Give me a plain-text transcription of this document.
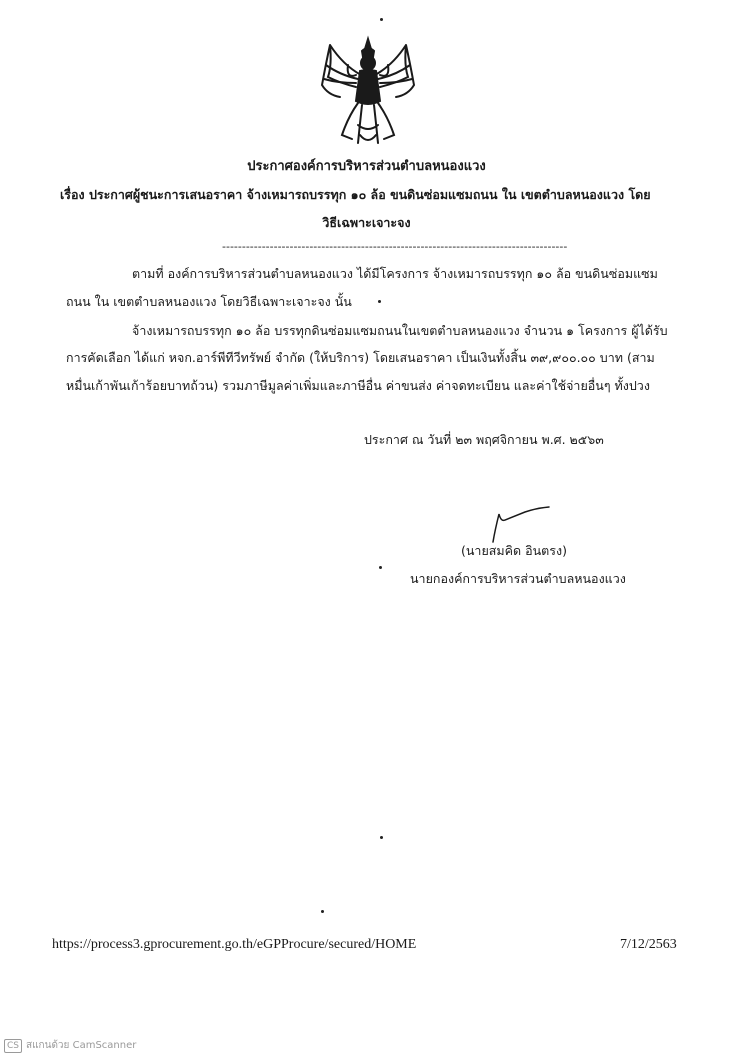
ประกาศองค์การบริหารส่วนตำบลหนองแวง
เรื่อง ประกาศผู้ชนะการเสนอราคา จ้างเหมารถบรรทุก ๑๐ ล้อ ขนดินซ่อมแซมถนน ใน เขตตำบลหนองแวง โดย
วิธีเฉพาะเจาะจง
---------------------------------------------------------------------------------------
ตามที่ องค์การบริหารส่วนตำบลหนองแวง ได้มีโครงการ จ้างเหมารถบรรทุก ๑๐ ล้อ ขนดินซ่อมแซม
ถนน ใน เขตตำบลหนองแวง โดยวิธีเฉพาะเจาะจง นั้น
จ้างเหมารถบรรทุก ๑๐ ล้อ บรรทุกดินซ่อมแซมถนนในเขตตำบลหนองแวง จำนวน ๑ โครงการ ผู้ได้รับ
การคัดเลือก ได้แก่ หจก.อาร์พีทีวีทรัพย์ จำกัด (ให้บริการ) โดยเสนอราคา เป็นเงินทั้งสิ้น ๓๙,๙๐๐.๐๐ บาท (สาม
หมื่นเก้าพันเก้าร้อยบาทถ้วน) รวมภาษีมูลค่าเพิ่มและภาษีอื่น ค่าขนส่ง ค่าจดทะเบียน และค่าใช้จ่ายอื่นๆ ทั้งปวง
ประกาศ ณ วันที่ ๒๓ พฤศจิกายน พ.ศ. ๒๕๖๓
(นายสมคิด อินตรง)
นายกองค์การบริหารส่วนตำบลหนองแวง
https://process3.gprocurement.go.th/eGPProcure/secured/HOME	7/12/2563
CS สแกนด้วย CamScanner
